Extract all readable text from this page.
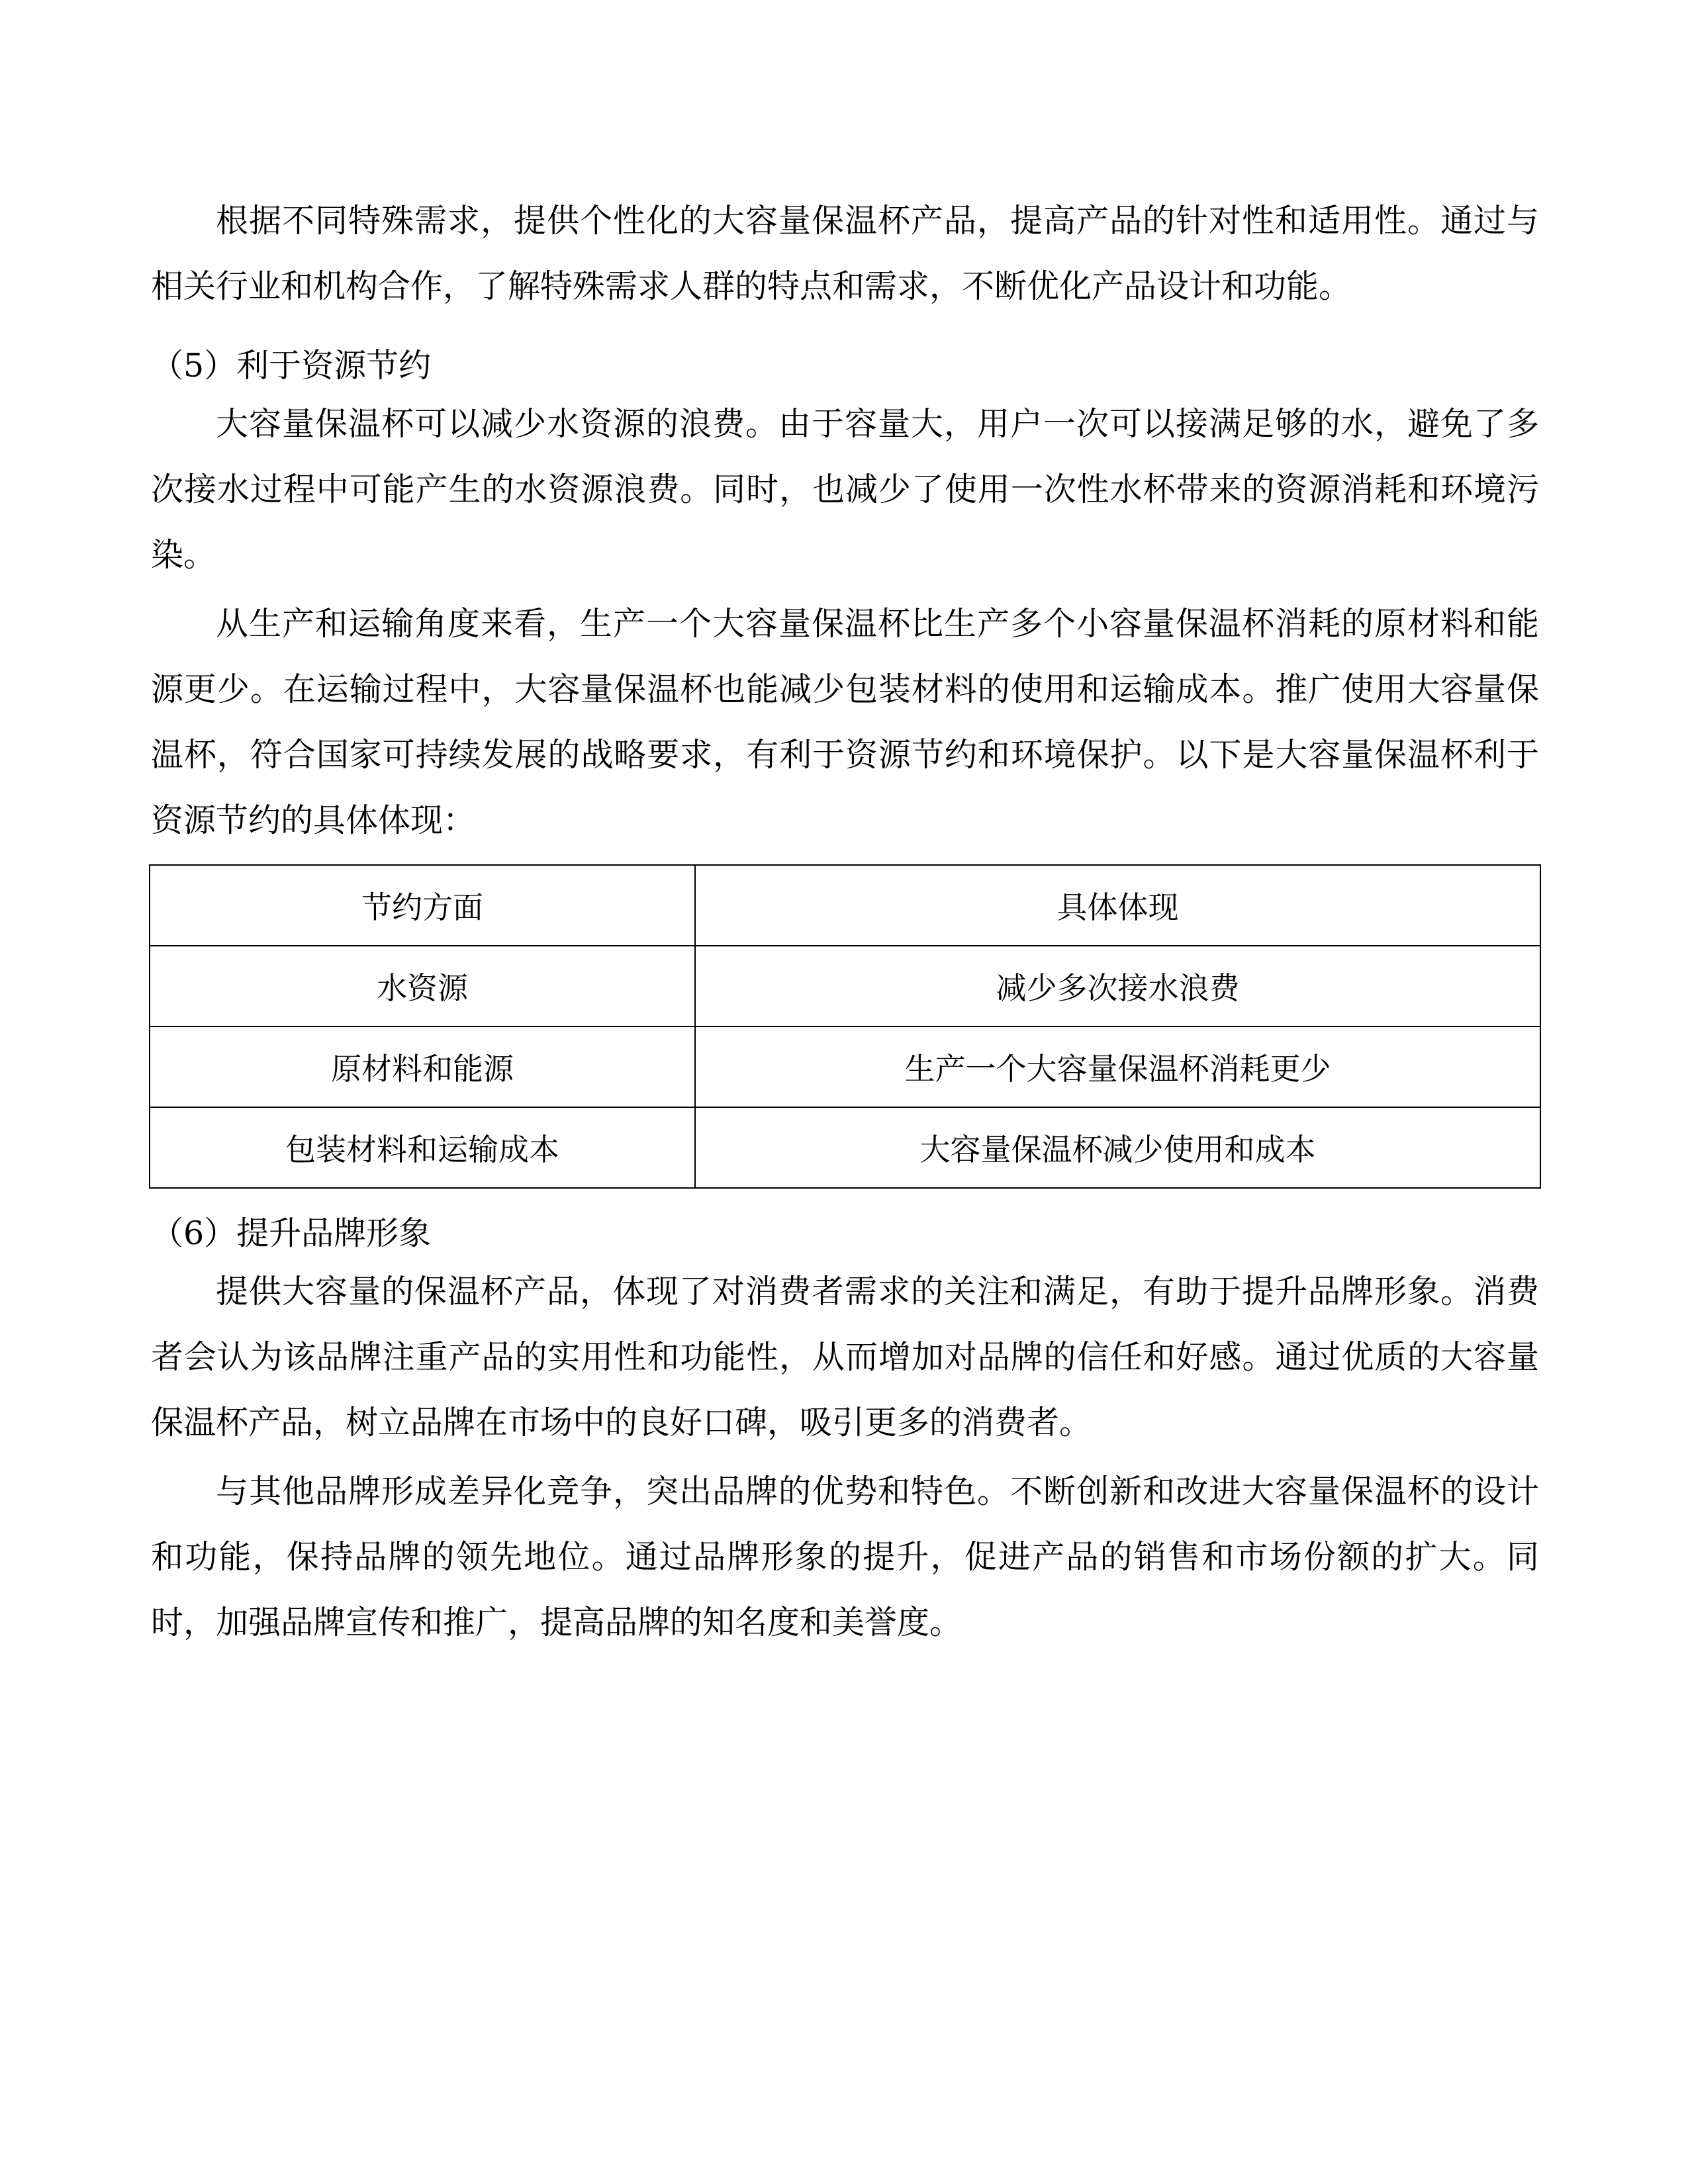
根据不同特殊需求，提供个性化的大容量保温杯产品，提高产品的针对性和适用性。通过与相关行业和机构合作，了解特殊需求人群的特点和需求，不断优化产品设计和功能。

（5）利于资源节约

大容量保温杯可以减少水资源的浪费。由于容量大，用户一次可以接满足够的水，避免了多次接水过程中可能产生的水资源浪费。同时，也减少了使用一次性水杯带来的资源消耗和环境污染。

从生产和运输角度来看，生产一个大容量保温杯比生产多个小容量保温杯消耗的原材料和能源更少。在运输过程中，大容量保温杯也能减少包装材料的使用和运输成本。推广使用大容量保温杯，符合国家可持续发展的战略要求，有利于资源节约和环境保护。以下是大容量保温杯利于资源节约的具体体现：

节约方面	具体体现
水资源	减少多次接水浪费
原材料和能源	生产一个大容量保温杯消耗更少
包装材料和运输成本	大容量保温杯减少使用和成本
（6）提升品牌形象

提供大容量的保温杯产品，体现了对消费者需求的关注和满足，有助于提升品牌形象。消费者会认为该品牌注重产品的实用性和功能性，从而增加对品牌的信任和好感。通过优质的大容量保温杯产品，树立品牌在市场中的良好口碑，吸引更多的消费者。

与其他品牌形成差异化竞争，突出品牌的优势和特色。不断创新和改进大容量保温杯的设计和功能，保持品牌的领先地位。通过品牌形象的提升，促进产品的销售和市场份额的扩大。同时，加强品牌宣传和推广，提高品牌的知名度和美誉度。
